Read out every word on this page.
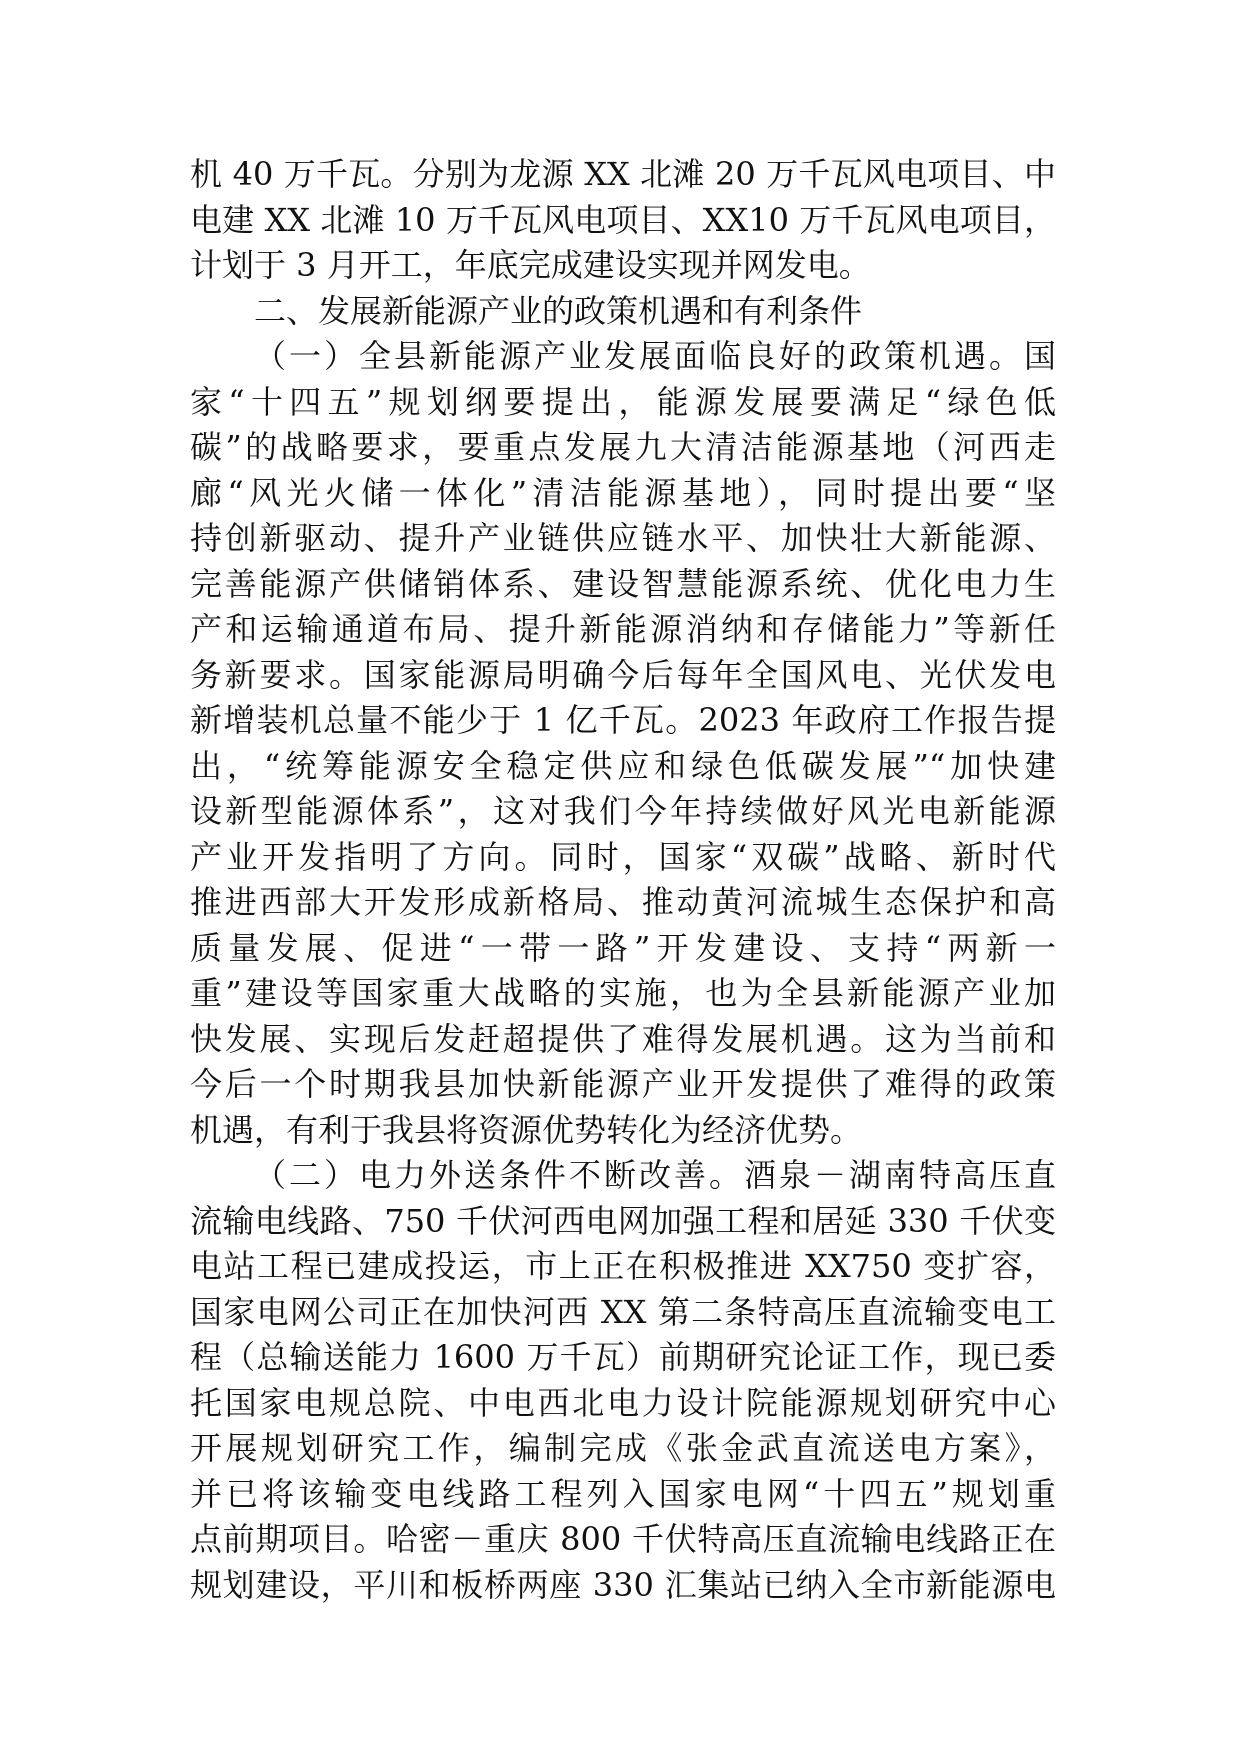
机 40 万千瓦。分别为龙源 XX 北滩 20 万千瓦风电项目、中
电建 XX 北滩 10 万千瓦风电项目、XX10 万千瓦风电项目，
计划于 3 月开工，年底完成建设实现并网发电。
二、发展新能源产业的政策机遇和有利条件
（一）全县新能源产业发展面临良好的政策机遇。国
家“十四五”规划纲要提出，能源发展要满足“绿色低
碳”的战略要求，要重点发展九大清洁能源基地（河西走
廊“风光火储一体化”清洁能源基地），同时提出要“坚
持创新驱动、提升产业链供应链水平、加快壮大新能源、
完善能源产供储销体系、建设智慧能源系统、优化电力生
产和运输通道布局、提升新能源消纳和存储能力”等新任
务新要求。国家能源局明确今后每年全国风电、光伏发电
新增装机总量不能少于 1 亿千瓦。2023 年政府工作报告提
出，“统筹能源安全稳定供应和绿色低碳发展”“加快建
设新型能源体系”，这对我们今年持续做好风光电新能源
产业开发指明了方向。同时，国家“双碳”战略、新时代
推进西部大开发形成新格局、推动黄河流城生态保护和高
质量发展、促进“一带一路”开发建设、支持“两新一
重”建设等国家重大战略的实施，也为全县新能源产业加
快发展、实现后发赶超提供了难得发展机遇。这为当前和
今后一个时期我县加快新能源产业开发提供了难得的政策
机遇，有利于我县将资源优势转化为经济优势。
（二）电力外送条件不断改善。酒泉－湖南特高压直
流输电线路、750 千伏河西电网加强工程和居延 330 千伏变
电站工程已建成投运，市上正在积极推进 XX750 变扩容，
国家电网公司正在加快河西 XX 第二条特高压直流输变电工
程（总输送能力 1600 万千瓦）前期研究论证工作，现已委
托国家电规总院、中电西北电力设计院能源规划研究中心
开展规划研究工作，编制完成《张金武直流送电方案》，
并已将该输变电线路工程列入国家电网“十四五”规划重
点前期项目。哈密－重庆 800 千伏特高压直流输电线路正在
规划建设，平川和板桥两座 330 汇集站已纳入全市新能源电
